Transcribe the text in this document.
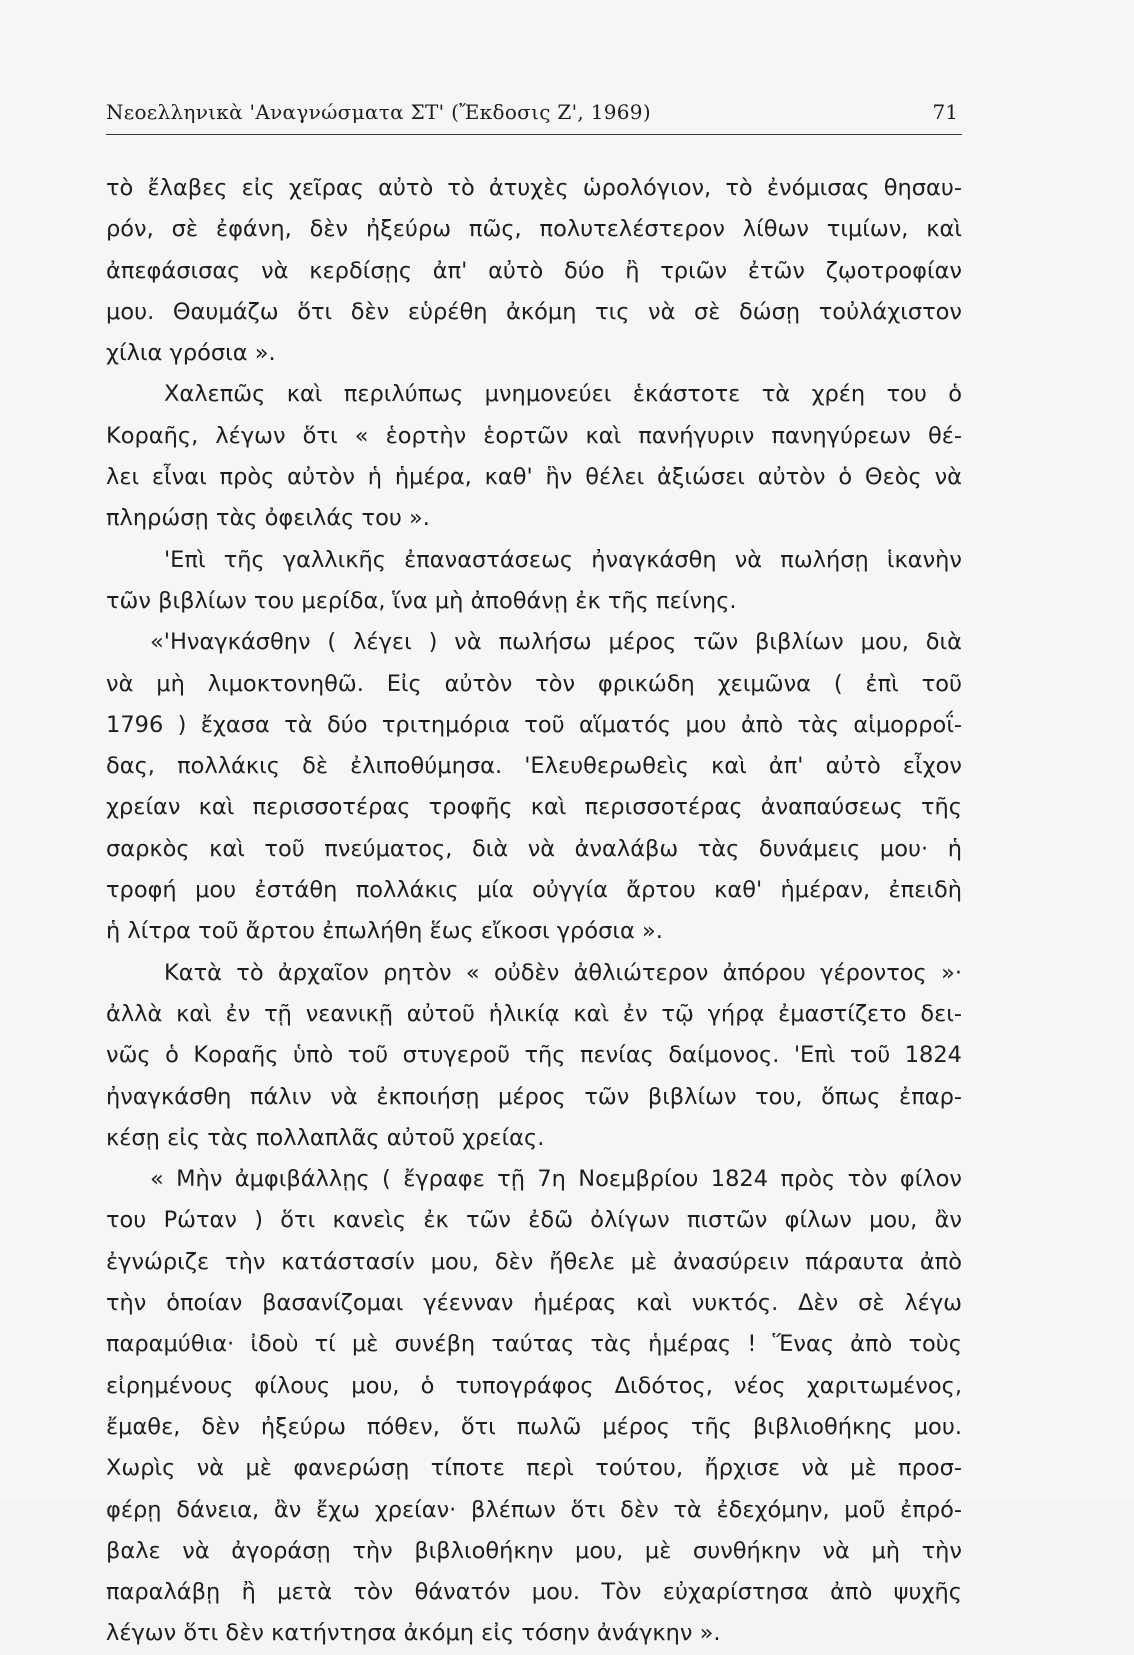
Νεοελληνικὰ 'Αναγνώσματα ΣΤ' (Ἔκδοσις Ζ', 1969)	71
τὸ ἔλαβες εἰς χεῖρας αὐτὸ τὸ ἀτυχὲς ὡρολόγιον, τὸ ἐνόμισας θησαυ-
ρόν, σὲ ἐφάνη, δὲν ἠξεύρω πῶς, πολυτελέστερον λίθων τιμίων, καὶ
ἀπεφάσισας νὰ κερδίσῃς ἀπ' αὐτὸ δύο ἢ τριῶν ἐτῶν ζῳοτροφίαν
μου. Θαυμάζω ὅτι δὲν εὑρέθη ἀκόμη τις νὰ σὲ δώσῃ τοὐλάχιστον
χίλια γρόσια ».
Χαλεπῶς καὶ περιλύπως μνημονεύει ἑκάστοτε τὰ χρέη του ὁ
Κοραῆς, λέγων ὅτι « ἑορτὴν ἑορτῶν καὶ πανήγυριν πανηγύρεων θέ-
λει εἶναι πρὸς αὐτὸν ἡ ἡμέρα, καθ' ἣν θέλει ἀξιώσει αὐτὸν ὁ Θεὸς νὰ
πληρώσῃ τὰς ὀφειλάς του ».
'Επὶ τῆς γαλλικῆς ἐπαναστάσεως ἠναγκάσθη νὰ πωλήσῃ ἱκανὴν
τῶν βιβλίων του μερίδα, ἵνα μὴ ἀποθάνῃ ἐκ τῆς πείνης.
«'Ηναγκάσθην ( λέγει ) νὰ πωλήσω μέρος τῶν βιβλίων μου, διὰ
νὰ μὴ λιμοκτονηθῶ. Εἰς αὐτὸν τὸν φρικώδη χειμῶνα ( ἐπὶ τοῦ
1796 ) ἔχασα τὰ δύο τριτημόρια τοῦ αἵματός μου ἀπὸ τὰς αἱμορροΐ-
δας, πολλάκις δὲ ἐλιποθύμησα. 'Ελευθερωθεὶς καὶ ἀπ' αὐτὸ εἶχον
χρείαν καὶ περισσοτέρας τροφῆς καὶ περισσοτέρας ἀναπαύσεως τῆς
σαρκὸς καὶ τοῦ πνεύματος, διὰ νὰ ἀναλάβω τὰς δυνάμεις μου· ἡ
τροφή μου ἐστάθη πολλάκις μία οὐγγία ἄρτου καθ' ἡμέραν, ἐπειδὴ
ἡ λίτρα τοῦ ἄρτου ἐπωλήθη ἕως εἴκοσι γρόσια ».
Κατὰ τὸ ἀρχαῖον ρητὸν « οὐδὲν ἀθλιώτερον ἀπόρου γέροντος »·
ἀλλὰ καὶ ἐν τῇ νεανικῇ αὐτοῦ ἡλικίᾳ καὶ ἐν τῷ γήρᾳ ἐμαστίζετο δει-
νῶς ὁ Κοραῆς ὑπὸ τοῦ στυγεροῦ τῆς πενίας δαίμονος. 'Επὶ τοῦ 1824
ἠναγκάσθη πάλιν νὰ ἐκποιήσῃ μέρος τῶν βιβλίων του, ὅπως ἐπαρ-
κέσῃ εἰς τὰς πολλαπλᾶς αὐτοῦ χρείας.
« Μὴν ἀμφιβάλλῃς ( ἔγραφε τῇ 7η Νοεμβρίου 1824 πρὸς τὸν φίλον
του Ρώταν ) ὅτι κανεὶς ἐκ τῶν ἐδῶ ὀλίγων πιστῶν φίλων μου, ἂν
ἐγνώριζε τὴν κατάστασίν μου, δὲν ἤθελε μὲ ἀνασύρειν πάραυτα ἀπὸ
τὴν ὁποίαν βασανίζομαι γέενναν ἡμέρας καὶ νυκτός. Δὲν σὲ λέγω
παραμύθια· ἰδοὺ τί μὲ συνέβη ταύτας τὰς ἡμέρας ! Ἕνας ἀπὸ τοὺς
εἰρημένους φίλους μου, ὁ τυπογράφος Διδότος, νέος χαριτωμένος,
ἔμαθε, δὲν ἠξεύρω πόθεν, ὅτι πωλῶ μέρος τῆς βιβλιοθήκης μου.
Χωρὶς νὰ μὲ φανερώσῃ τίποτε περὶ τούτου, ἤρχισε νὰ μὲ προσ-
φέρῃ δάνεια, ἂν ἔχω χρείαν· βλέπων ὅτι δὲν τὰ ἐδεχόμην, μοῦ ἐπρό-
βαλε νὰ ἀγοράσῃ τὴν βιβλιοθήκην μου, μὲ συνθήκην νὰ μὴ τὴν
παραλάβῃ ἢ μετὰ τὸν θάνατόν μου. Τὸν εὐχαρίστησα ἀπὸ ψυχῆς
λέγων ὅτι δὲν κατήντησα ἀκόμη εἰς τόσην ἀνάγκην ».
